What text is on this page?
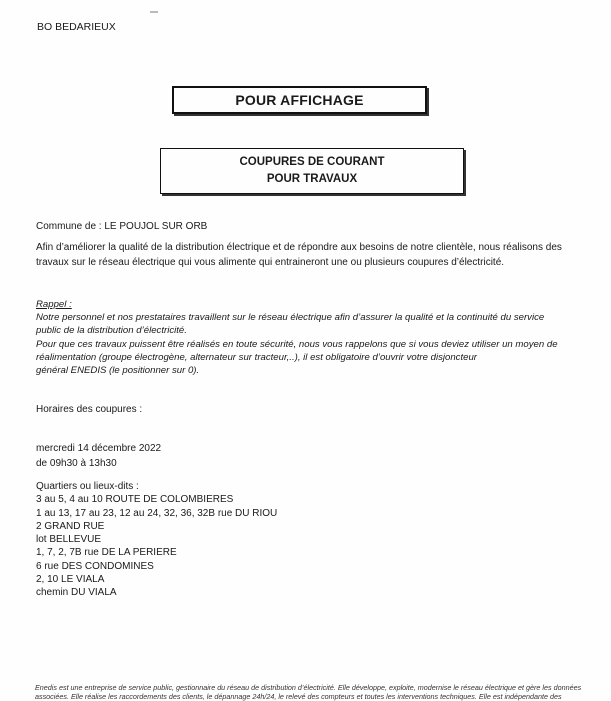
BO BEDARIEUX
POUR AFFICHAGE
COUPURES DE COURANT
POUR TRAVAUX
Commune de : LE POUJOL SUR ORB
Afin d’améliorer la qualité de la distribution électrique et de répondre aux besoins de notre clientèle, nous réalisons des
travaux sur le réseau électrique qui vous alimente qui entraineront une ou plusieurs coupures d’électricité.
Rappel :
Notre personnel et nos prestataires travaillent sur le réseau électrique afin d’assurer la qualité et la continuité du service
public de la distribution d’électricité.
Pour que ces travaux puissent être réalisés en toute sécurité, nous vous rappelons que si vous deviez utiliser un moyen de
réalimentation (groupe électrogène, alternateur sur tracteur,..), il est obligatoire d’ouvrir votre disjoncteur
général ENEDIS (le positionner sur 0).
Horaires des coupures :
mercredi 14 décembre 2022
de 09h30 à 13h30
Quartiers ou lieux-dits :
3 au 5, 4 au 10 ROUTE DE COLOMBIERES
1 au 13, 17 au 23, 12 au 24, 32, 36, 32B rue DU RIOU
2 GRAND RUE
lot BELLEVUE
1, 7, 2, 7B rue DE LA PERIERE
6 rue DES CONDOMINES
2, 10 LE VIALA
chemin DU VIALA
Enedis est une entreprise de service public, gestionnaire du réseau de distribution d’électricité. Elle développe, exploite, modernise le réseau électrique et gère les données
associées. Elle réalise les raccordements des clients, le dépannage 24h/24, le relevé des compteurs et toutes les interventions techniques. Elle est indépendante des
